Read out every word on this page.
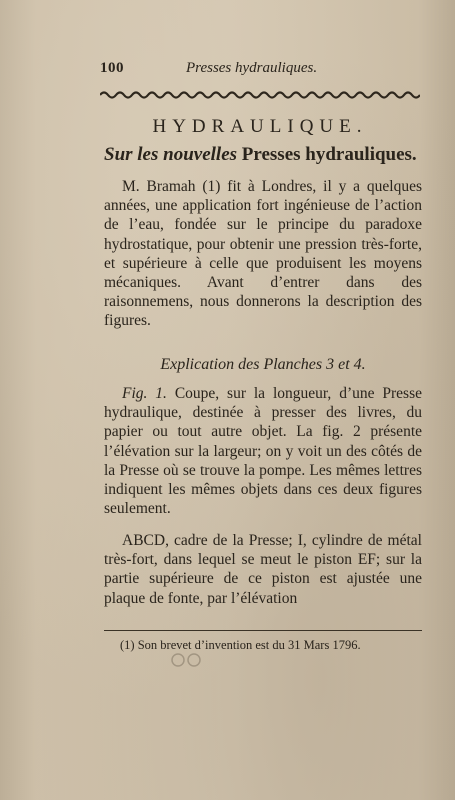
100	Presses hydrauliques.
HYDRAULIQUE.
Sur les nouvelles Presses hydrauliques.

M. Bramah (1) fit à Londres, il y a quelques années, une application fort ingénieuse de l’action de l’eau, fondée sur le principe du paradoxe hydrostatique, pour obtenir une pression très-forte, et supérieure à celle que produisent les moyens mécaniques. Avant d’entrer dans des raisonnemens, nous donnerons la description des figures.

Explication des Planches 3 et 4.

Fig. 1. Coupe, sur la longueur, d’une Presse hydraulique, destinée à presser des livres, du papier ou tout autre objet. La fig. 2 présente l’élévation sur la largeur; on y voit un des côtés de la Presse où se trouve la pompe. Les mêmes lettres indiquent les mêmes objets dans ces deux figures seulement.

ABCD, cadre de la Presse; I, cylindre de métal très-fort, dans lequel se meut le piston EF; sur la partie supérieure de ce piston est ajustée une plaque de fonte, par l’élévation

(1) Son brevet d’invention est du 31 Mars 1796.
